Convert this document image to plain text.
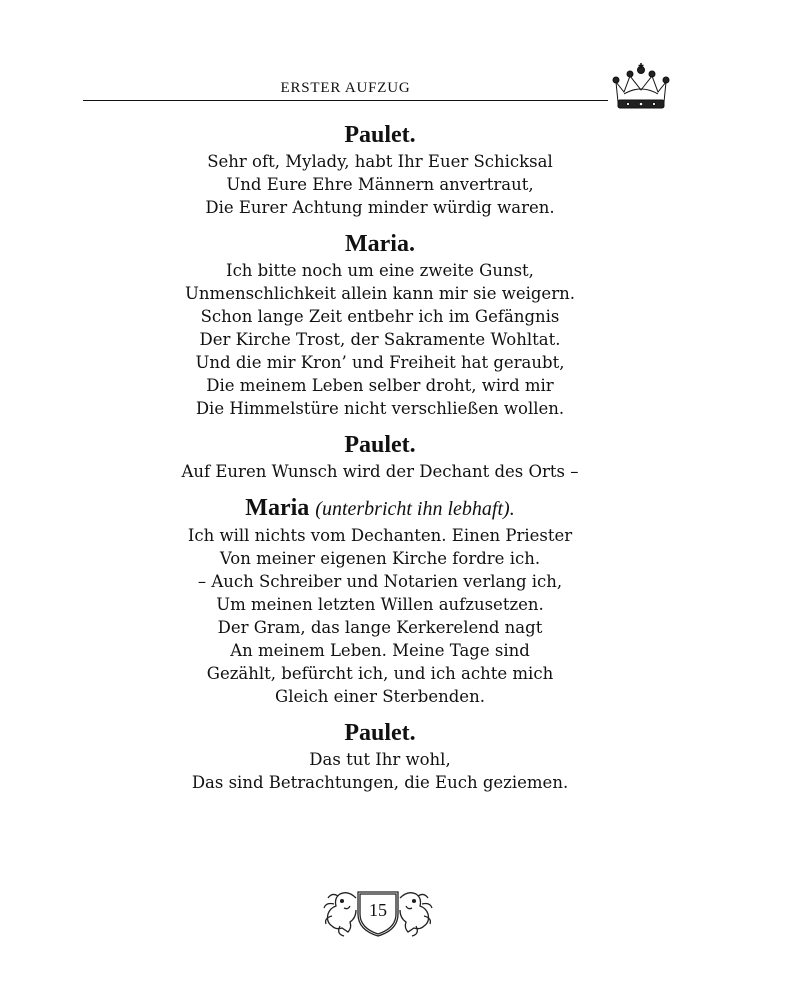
ERSTER AUFZUG

Paulet.

Sehr oft, Mylady, habt Ihr Euer Schicksal
Und Eure Ehre Männern anvertraut,
Die Eurer Achtung minder würdig waren.

Maria.

Ich bitte noch um eine zweite Gunst,
Unmenschlichkeit allein kann mir sie weigern.
Schon lange Zeit entbehr ich im Gefängnis
Der Kirche Trost, der Sakramente Wohltat.
Und die mir Kron’ und Freiheit hat geraubt,
Die meinem Leben selber droht, wird mir
Die Himmelstüre nicht verschließen wollen.

Paulet.

Auf Euren Wunsch wird der Dechant des Orts –

Maria (unterbricht ihn lebhaft).

Ich will nichts vom Dechanten. Einen Priester
Von meiner eigenen Kirche fordre ich.
– Auch Schreiber und Notarien verlang ich,
Um meinen letzten Willen aufzusetzen.
Der Gram, das lange Kerkerelend nagt
An meinem Leben. Meine Tage sind
Gezählt, befürcht ich, und ich achte mich
Gleich einer Sterbenden.

Paulet.

Das tut Ihr wohl,
Das sind Betrachtungen, die Euch geziemen.
15
